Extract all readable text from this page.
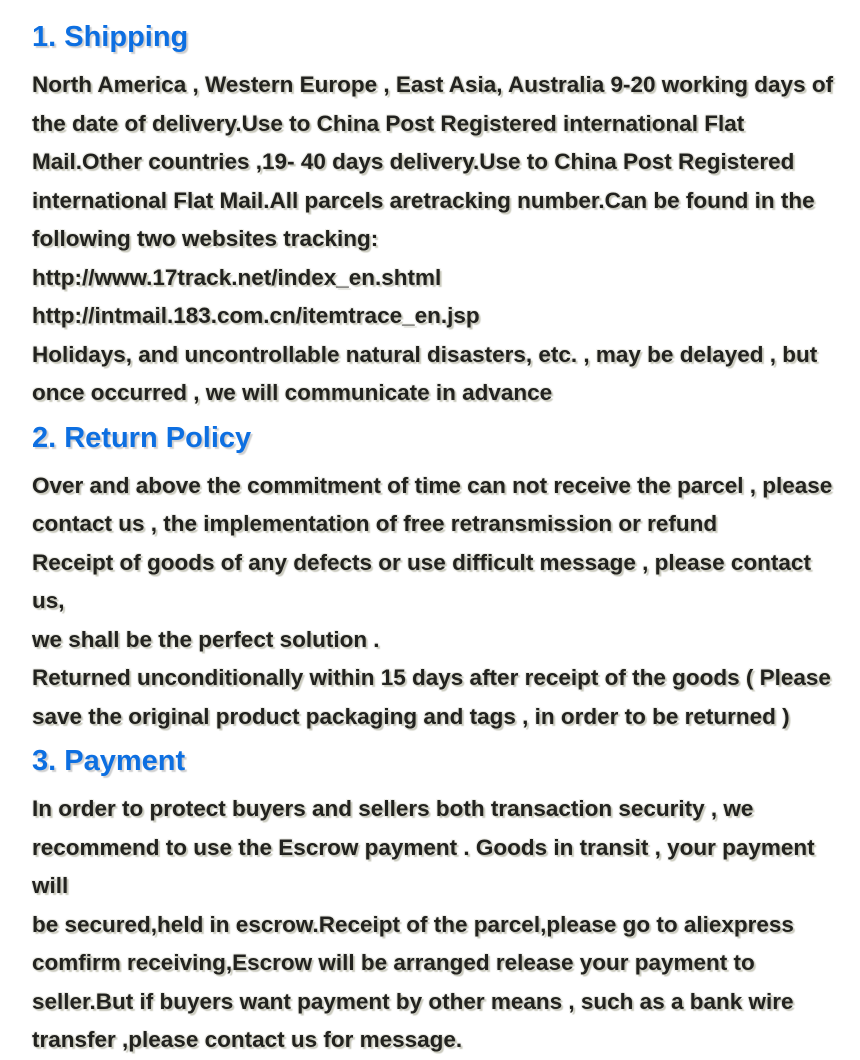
1. Shipping
North America , Western Europe , East Asia, Australia 9-20 working days of
the date of delivery.Use to China Post Registered international Flat
Mail.Other countries ,19- 40 days delivery.Use to China Post Registered
international Flat Mail.All parcels aretracking number.Can be found in the
following two websites tracking:
http://www.17track.net/index_en.shtml
http://intmail.183.com.cn/itemtrace_en.jsp
Holidays, and uncontrollable natural disasters, etc. , may be delayed , but
once occurred , we will communicate in advance
2. Return Policy
Over and above the commitment of time can not receive the parcel , please
contact us , the implementation of free retransmission or refund
Receipt of goods of any defects or use difficult message , please contact us,
we shall be the perfect solution .
Returned unconditionally within 15 days after receipt of the goods ( Please
save the original product packaging and tags , in order to be returned )
3. Payment
In order to protect buyers and sellers both transaction security , we
recommend to use the Escrow payment . Goods in transit , your payment will
be secured,held in escrow.Receipt of the parcel,please go to aliexpress
comfirm receiving,Escrow will be arranged release your payment to
seller.But if buyers want payment by other means , such as a bank wire
transfer ,please contact us for message.
